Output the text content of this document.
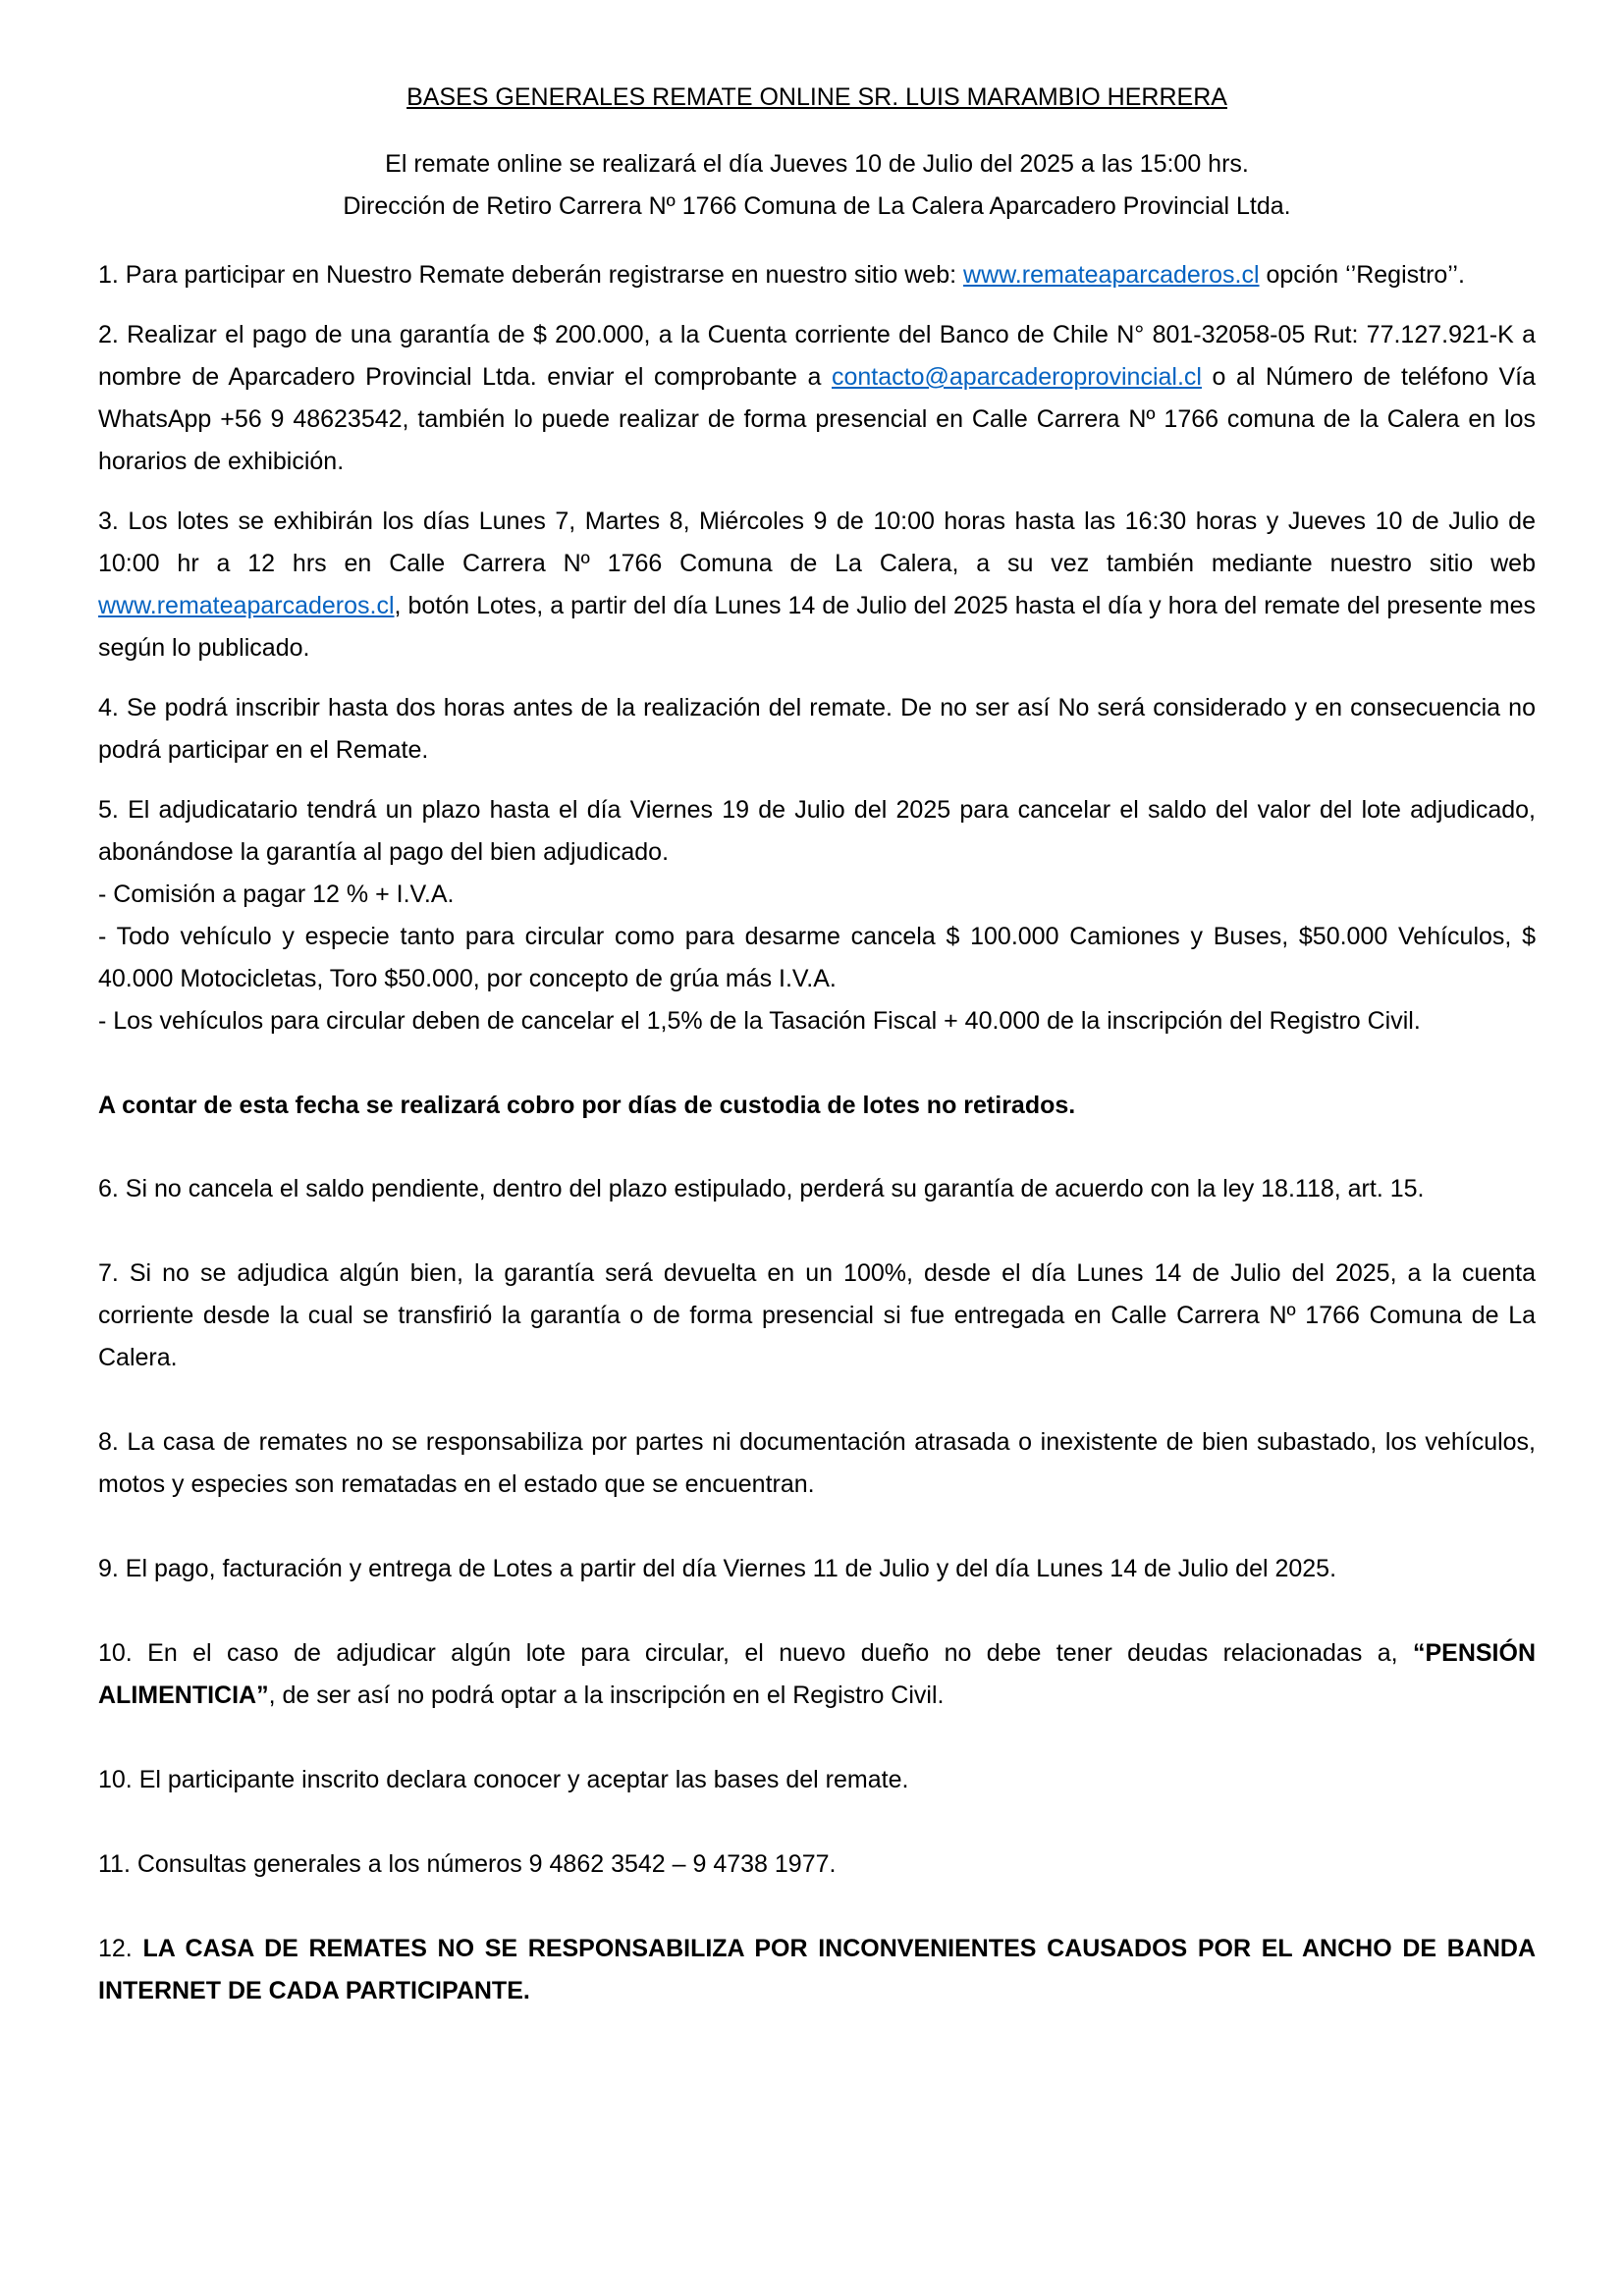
BASES GENERALES REMATE ONLINE SR. LUIS MARAMBIO HERRERA

El remate online se realizará el día Jueves 10 de Julio del 2025 a las 15:00 hrs.

Dirección de Retiro Carrera Nº 1766 Comuna de La Calera Aparcadero Provincial Ltda.

1. Para participar en Nuestro Remate deberán registrarse en nuestro sitio web: www.remateaparcaderos.cl opción ‘’Registro’’.

2. Realizar el pago de una garantía de $ 200.000, a la Cuenta corriente del Banco de Chile N° 801-32058-05 Rut: 77.127.921-K a nombre de Aparcadero Provincial Ltda. enviar el comprobante a contacto@aparcaderoprovincial.cl o al Número de teléfono Vía WhatsApp +56 9 48623542, también lo puede realizar de forma presencial en Calle Carrera Nº 1766 comuna de la Calera en los horarios de exhibición.

3. Los lotes se exhibirán los días Lunes 7, Martes 8, Miércoles 9 de 10:00 horas hasta las 16:30 horas y Jueves 10 de Julio de 10:00 hr a 12 hrs en Calle Carrera Nº 1766 Comuna de La Calera, a su vez también mediante nuestro sitio web www.remateaparcaderos.cl, botón Lotes, a partir del día Lunes 14 de Julio del 2025 hasta el día y hora del remate del presente mes según lo publicado.

4. Se podrá inscribir hasta dos horas antes de la realización del remate. De no ser así No será considerado y en consecuencia no podrá participar en el Remate.

5. El adjudicatario tendrá un plazo hasta el día Viernes 19 de Julio del 2025 para cancelar el saldo del valor del lote adjudicado, abonándose la garantía al pago del bien adjudicado.

- Comisión a pagar 12 % + I.V.A.

- Todo vehículo y especie tanto para circular como para desarme cancela $ 100.000 Camiones y Buses, $50.000 Vehículos, $ 40.000 Motocicletas, Toro $50.000, por concepto de grúa más I.V.A.

- Los vehículos para circular deben de cancelar el 1,5% de la Tasación Fiscal + 40.000 de la inscripción del Registro Civil.

A contar de esta fecha se realizará cobro por días de custodia de lotes no retirados.

6. Si no cancela el saldo pendiente, dentro del plazo estipulado, perderá su garantía de acuerdo con la ley 18.118, art. 15.

7. Si no se adjudica algún bien, la garantía será devuelta en un 100%, desde el día Lunes 14 de Julio del 2025, a la cuenta corriente desde la cual se transfirió la garantía o de forma presencial si fue entregada en Calle Carrera Nº 1766 Comuna de La Calera.

8. La casa de remates no se responsabiliza por partes ni documentación atrasada o inexistente de bien subastado, los vehículos, motos y especies son rematadas en el estado que se encuentran.

9. El pago, facturación y entrega de Lotes a partir del día Viernes 11 de Julio y del día Lunes 14 de Julio del 2025.

10. En el caso de adjudicar algún lote para circular, el nuevo dueño no debe tener deudas relacionadas a, “PENSIÓN ALIMENTICIA”, de ser así no podrá optar a la inscripción en el Registro Civil.

10. El participante inscrito declara conocer y aceptar las bases del remate.

11. Consultas generales a los números 9 4862 3542 – 9 4738 1977.

12. LA CASA DE REMATES NO SE RESPONSABILIZA POR INCONVENIENTES CAUSADOS POR EL ANCHO DE BANDA INTERNET DE CADA PARTICIPANTE.
